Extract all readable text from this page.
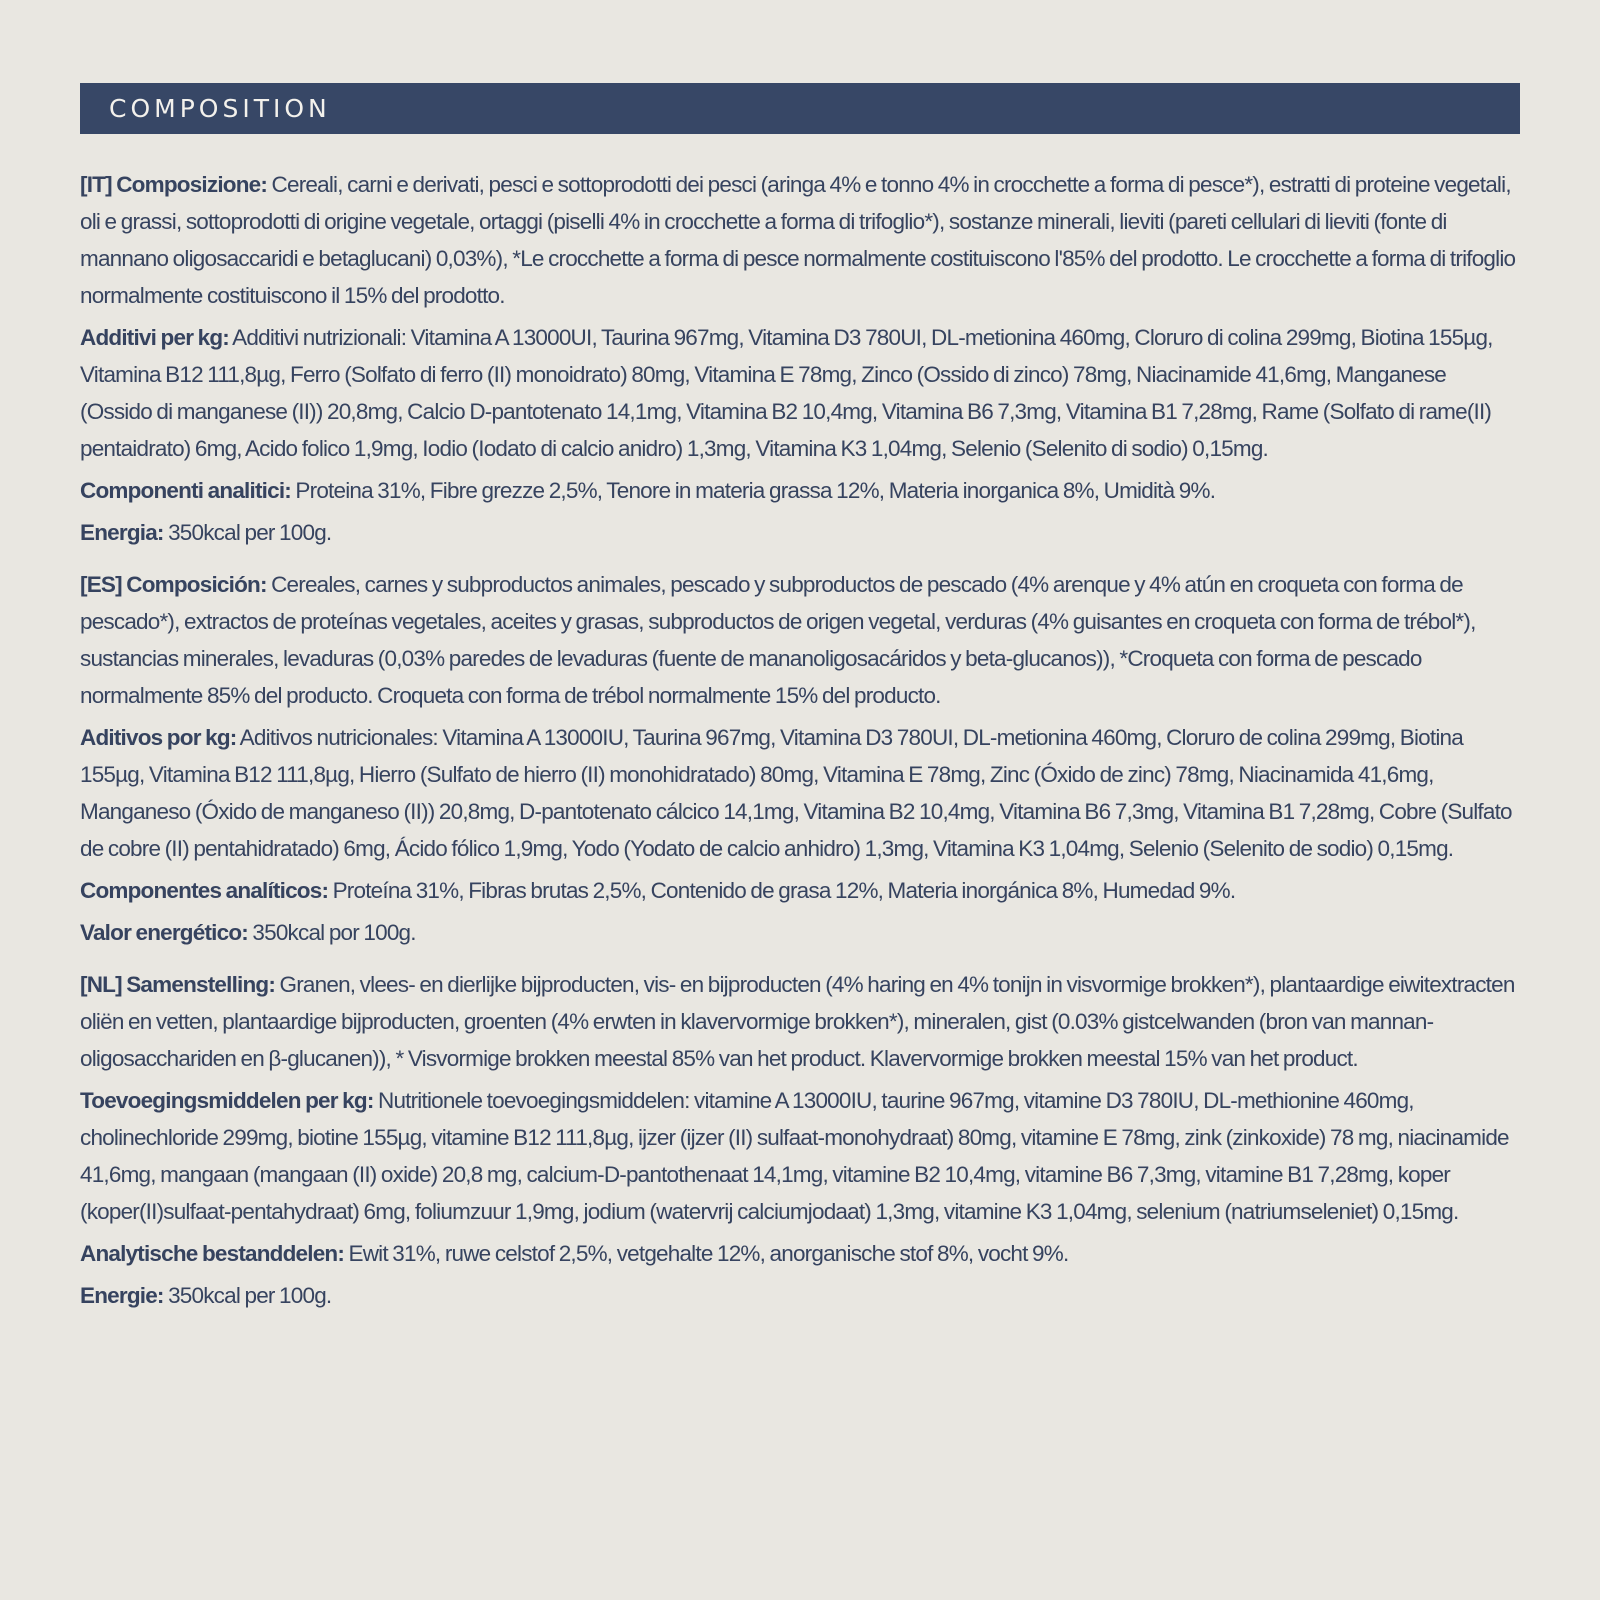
COMPOSITION

[IT] Composizione: Cereali, carni e derivati, pesci e sottoprodotti dei pesci (aringa 4% e tonno 4% in crocchette a forma di pesce*), estratti di proteine vegetali, oli e grassi, sottoprodotti di origine vegetale, ortaggi (piselli 4% in crocchette a forma di trifoglio*), sostanze minerali, lieviti (pareti cellulari di lieviti (fonte di mannano oligosaccaridi e betaglucani) 0,03%), *Le crocchette a forma di pesce normalmente costituiscono l'85% del prodotto. Le crocchette a forma di trifoglio normalmente costituiscono il 15% del prodotto.

Additivi per kg: Additivi nutrizionali: Vitamina A 13000UI, Taurina 967mg, Vitamina D3 780UI, DL-metionina 460mg, Cloruro di colina 299mg, Biotina 155µg, Vitamina B12 111,8µg, Ferro (Solfato di ferro (II) monoidrato) 80mg, Vitamina E 78mg, Zinco (Ossido di zinco) 78mg, Niacinamide 41,6mg, Manganese (Ossido di manganese (II)) 20,8mg, Calcio D-pantotenato 14,1mg, Vitamina B2 10,4mg, Vitamina B6 7,3mg, Vitamina B1 7,28mg, Rame (Solfato di rame(II) pentaidrato) 6mg, Acido folico 1,9mg, Iodio (Iodato di calcio anidro) 1,3mg, Vitamina K3 1,04mg, Selenio (Selenito di sodio) 0,15mg.

Componenti analitici: Proteina 31%, Fibre grezze 2,5%, Tenore in materia grassa 12%, Materia inorganica 8%, Umidità 9%.

Energia: 350kcal per 100g.

[ES] Composición: Cereales, carnes y subproductos animales, pescado y subproductos de pescado (4% arenque y 4% atún en croqueta con forma de pescado*), extractos de proteínas vegetales, aceites y grasas, subproductos de origen vegetal, verduras (4% guisantes en croqueta con forma de trébol*), sustancias minerales, levaduras (0,03% paredes de levaduras (fuente de mananoligosacáridos y beta-glucanos)), *Croqueta con forma de pescado normalmente 85% del producto. Croqueta con forma de trébol normalmente 15% del producto.

Aditivos por kg: Aditivos nutricionales: Vitamina A 13000IU, Taurina 967mg, Vitamina D3 780UI, DL-metionina 460mg, Cloruro de colina 299mg, Biotina 155µg, Vitamina B12 111,8µg, Hierro (Sulfato de hierro (II) monohidratado) 80mg, Vitamina E 78mg, Zinc (Óxido de zinc) 78mg, Niacinamida 41,6mg, Manganeso (Óxido de manganeso (II)) 20,8mg, D-pantotenato cálcico 14,1mg, Vitamina B2 10,4mg, Vitamina B6 7,3mg, Vitamina B1 7,28mg, Cobre (Sulfato de cobre (II) pentahidratado) 6mg, Ácido fólico 1,9mg, Yodo (Yodato de calcio anhidro) 1,3mg, Vitamina K3 1,04mg, Selenio (Selenito de sodio) 0,15mg.

Componentes analíticos: Proteína 31%, Fibras brutas 2,5%, Contenido de grasa 12%, Materia inorgánica 8%, Humedad 9%.

Valor energético: 350kcal por 100g.

[NL] Samenstelling: Granen, vlees- en dierlijke bijproducten, vis- en bijproducten (4% haring en 4% tonijn in visvormige brokken*), plantaardige eiwitextracten oliën en vetten, plantaardige bijproducten, groenten (4% erwten in klavervormige brokken*), mineralen, gist (0.03% gistcelwanden (bron van mannan-oligosacchariden en β-glucanen)), * Visvormige brokken meestal 85% van het product. Klavervormige brokken meestal 15% van het product.

Toevoegingsmiddelen per kg: Nutritionele toevoegingsmiddelen: vitamine A 13000IU, taurine 967mg, vitamine D3 780IU, DL-methionine 460mg, cholinechloride 299mg, biotine 155µg, vitamine B12 111,8µg, ijzer (ijzer (II) sulfaat-monohydraat) 80mg, vitamine E 78mg, zink (zinkoxide) 78 mg, niacinamide 41,6mg, mangaan (mangaan (II) oxide) 20,8 mg, calcium-D-pantothenaat 14,1mg, vitamine B2 10,4mg, vitamine B6 7,3mg, vitamine B1 7,28mg, koper (koper(II)sulfaat-pentahydraat) 6mg, foliumzuur 1,9mg, jodium (watervrij calciumjodaat) 1,3mg, vitamine K3 1,04mg, selenium (natriumseleniet) 0,15mg.

Analytische bestanddelen: Ewit 31%, ruwe celstof 2,5%, vetgehalte 12%, anorganische stof 8%, vocht 9%.

Energie: 350kcal per 100g.
